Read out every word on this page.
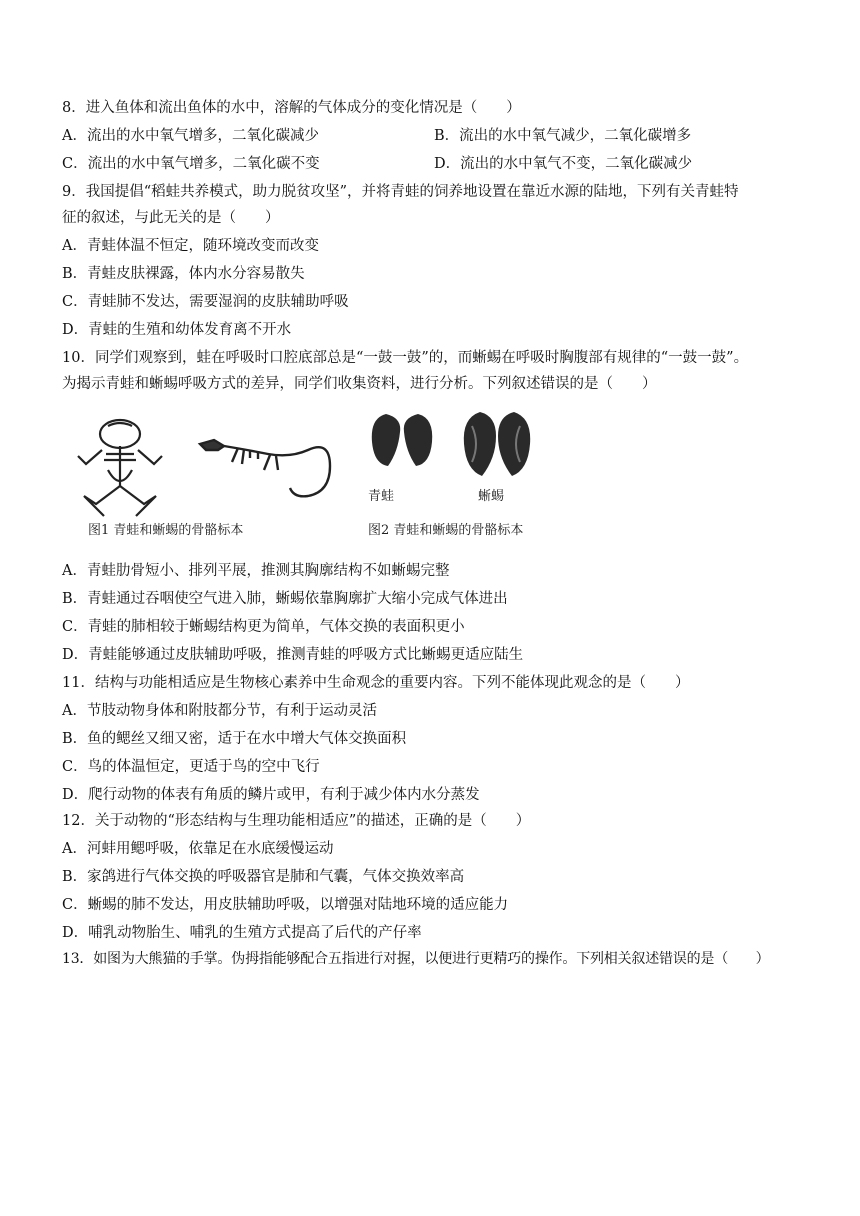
8．进入鱼体和流出鱼体的水中，溶解的气体成分的变化情况是（　　）
A．流出的水中氧气增多，二氧化碳减少	B．流出的水中氧气减少，二氧化碳增多
C．流出的水中氧气增多，二氧化碳不变	D．流出的水中氧气不变，二氧化碳减少
9．我国提倡“稻蛙共养模式，助力脱贫攻坚”，并将青蛙的饲养地设置在靠近水源的陆地，下列有关青蛙特
征的叙述，与此无关的是（　　）
A．青蛙体温不恒定，随环境改变而改变
B．青蛙皮肤裸露，体内水分容易散失
C．青蛙肺不发达，需要湿润的皮肤辅助呼吸
D．青蛙的生殖和幼体发育离不开水
10．同学们观察到，蛙在呼吸时口腔底部总是“一鼓一鼓”的，而蜥蜴在呼吸时胸腹部有规律的“一鼓一鼓”。
为揭示青蛙和蜥蜴呼吸方式的差异，同学们收集资料，进行分析。下列叙述错误的是（　　）
青蛙	蜥蜴
图1 青蛙和蜥蜴的骨骼标本	图2 青蛙和蜥蜴的骨骼标本
A．青蛙肋骨短小、排列平展，推测其胸廓结构不如蜥蜴完整
B．青蛙通过吞咽使空气进入肺，蜥蜴依靠胸廓扩大缩小完成气体进出
C．青蛙的肺相较于蜥蜴结构更为简单，气体交换的表面积更小
D．青蛙能够通过皮肤辅助呼吸，推测青蛙的呼吸方式比蜥蜴更适应陆生
11．结构与功能相适应是生物核心素养中生命观念的重要内容。下列不能体现此观念的是（　　）
A．节肢动物身体和附肢都分节，有利于运动灵活
B．鱼的鳃丝又细又密，适于在水中增大气体交换面积
C．鸟的体温恒定，更适于鸟的空中飞行
D．爬行动物的体表有角质的鳞片或甲，有利于减少体内水分蒸发
12．关于动物的“形态结构与生理功能相适应”的描述，正确的是（　　）
A．河蚌用鳃呼吸，依靠足在水底缓慢运动
B．家鸽进行气体交换的呼吸器官是肺和气囊，气体交换效率高
C．蜥蜴的肺不发达，用皮肤辅助呼吸，以增强对陆地环境的适应能力
D．哺乳动物胎生、哺乳的生殖方式提高了后代的产仔率
13．如图为大熊猫的手掌。伪拇指能够配合五指进行对握，以便进行更精巧的操作。下列相关叙述错误的是（　　）
